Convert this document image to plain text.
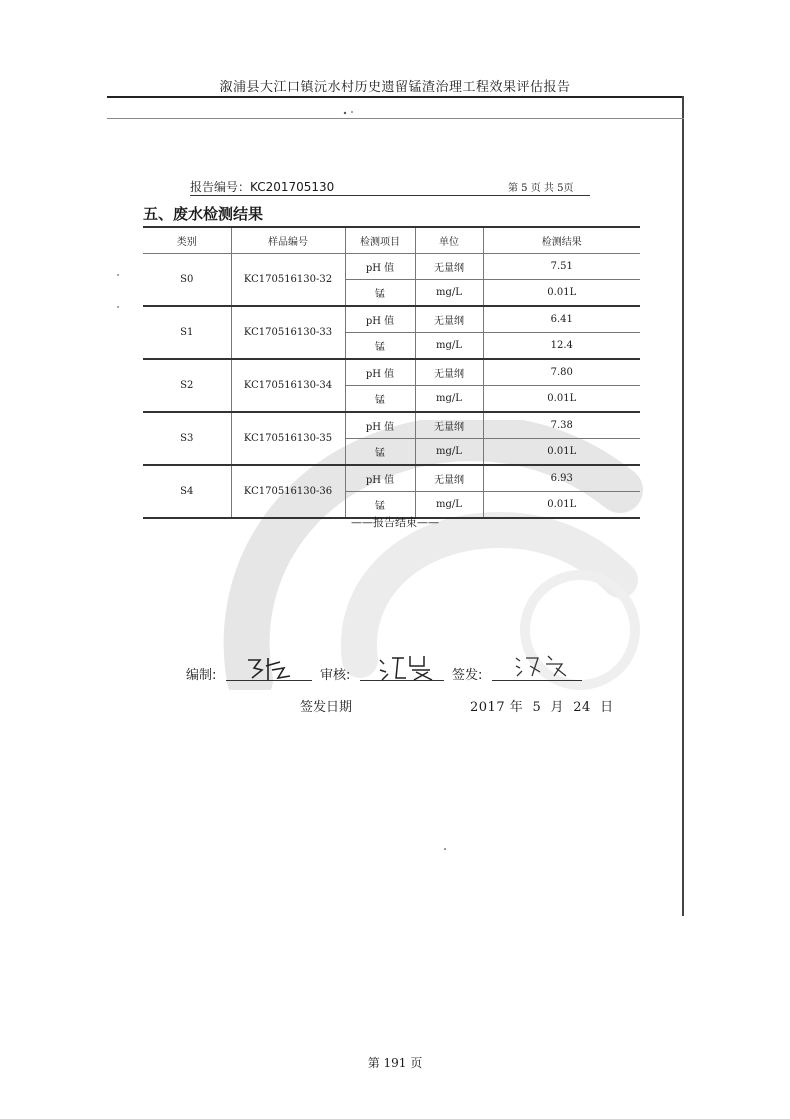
溆浦县大江口镇沅水村历史遗留锰渣治理工程效果评估报告
报告编号：KC201705130	第 5 页 共 5页
五、废水检测结果
类别	样品编号	检测项目	单位	检测结果
S0	KC170516130-32	pH 值	无量纲	7.51
		锰	mg/L	0.01L
S1	KC170516130-33	pH 值	无量纲	6.41
		锰	mg/L	12.4
S2	KC170516130-34	pH 值	无量纲	7.80
		锰	mg/L	0.01L
S3	KC170516130-35	pH 值	无量纲	7.38
		锰	mg/L	0.01L
S4	KC170516130-36	pH 值	无量纲	6.93
		锰	mg/L	0.01L
——报告结束——
编制:	审核:	签发:
签发日期	2017 年  5  月  24  日
第 191 页
